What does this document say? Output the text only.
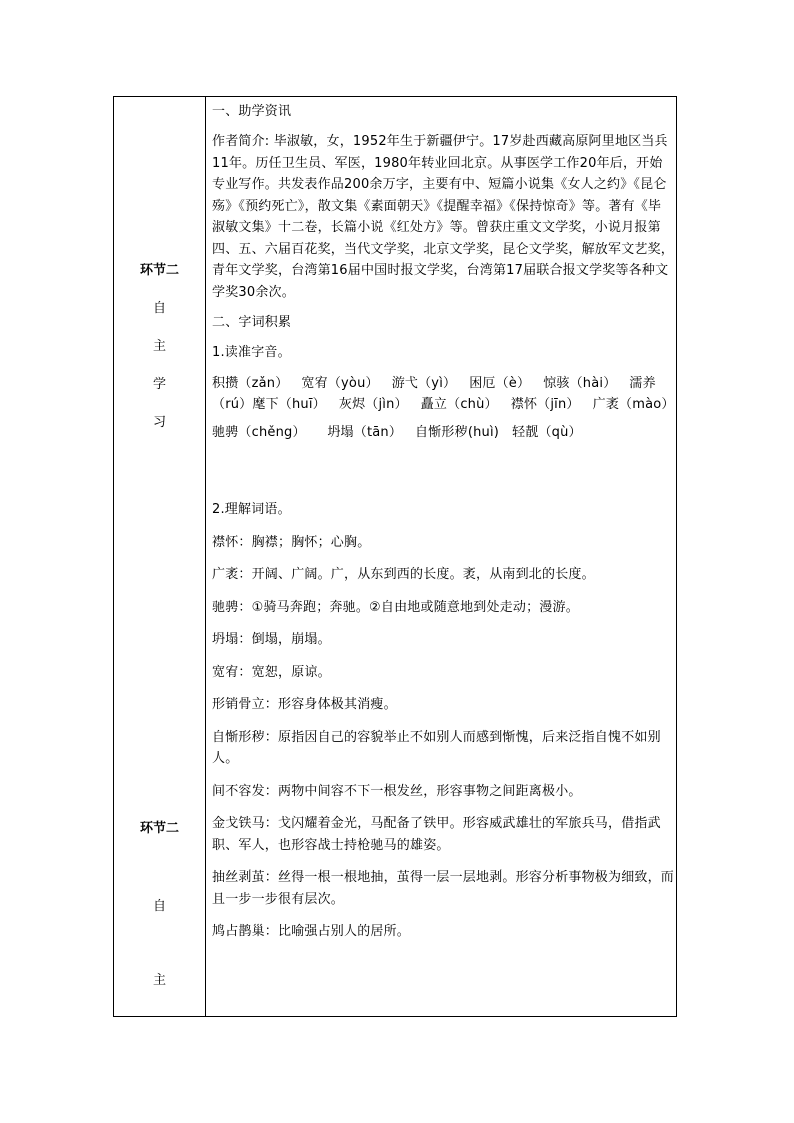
环节二
自
主
学
习
环节二
自
主

一、助学资讯

作者简介: 毕淑敏，女，1952年生于新疆伊宁。17岁赴西藏高原阿里地区当兵11年。历任卫生员、军医，1980年转业回北京。从事医学工作20年后，开始专业写作。共发表作品200余万字，主要有中、短篇小说集《女人之约》《昆仑殇》《预约死亡》，散文集《素面朝天》《提醒幸福》《保持惊奇》等。著有《毕淑敏文集》十二卷，长篇小说《红处方》等。曾获庄重文文学奖，小说月报第四、五、六届百花奖，当代文学奖，北京文学奖，昆仑文学奖，解放军文艺奖，青年文学奖，台湾第16届中国时报文学奖，台湾第17届联合报文学奖等各种文学奖30余次。

二、字词积累

1.读准字音。

积攒（zǎn）   宽宥（yòu）   游弋（yì）   困厄（è）   惊骇（hài）   濡养（rú）麾下（huī）   灰烬（jìn）   矗立（chù）   襟怀（jīn）   广袤（mào）

驰骋（chěng）     坍塌（tān）   自惭形秽(huì)   轻靓（qù）

2.理解词语。

襟怀：胸襟；胸怀；心胸。

广袤：开阔、广阔。广，从东到西的长度。袤，从南到北的长度。

驰骋：①骑马奔跑；奔驰。②自由地或随意地到处走动；漫游。

坍塌：倒塌，崩塌。

宽宥：宽恕，原谅。

形销骨立：形容身体极其消瘦。

自惭形秽：原指因自己的容貌举止不如别人而感到惭愧，后来泛指自愧不如别人。

间不容发：两物中间容不下一根发丝，形容事物之间距离极小。

金戈铁马：戈闪耀着金光，马配备了铁甲。形容威武雄壮的军旅兵马，借指武职、军人，也形容战士持枪驰马的雄姿。

抽丝剥茧：丝得一根一根地抽，茧得一层一层地剥。形容分析事物极为细致，而且一步一步很有层次。

鸠占鹊巢：比喻强占别人的居所。
